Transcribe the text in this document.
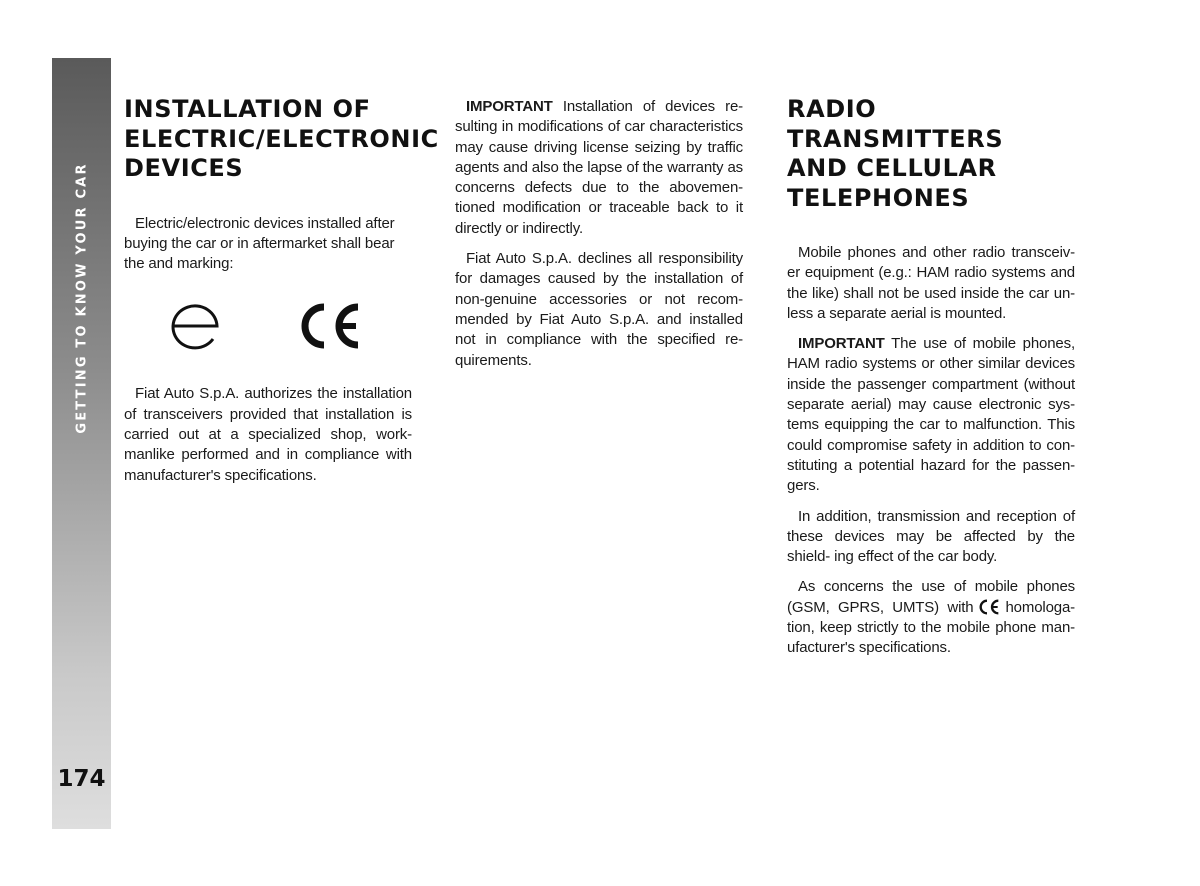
GETTING TO KNOW YOUR CAR
174
INSTALLATION OF
ELECTRIC/ELECTRONIC
DEVICES

Electric/electronic devices installed after buying the car or in aftermarket shall bear the and marking:

Fiat Auto S.p.A. authorizes the installation of transceivers provided that installation is carried out at a specialized shop, work- manlike performed and in compliance with manufacturer's specifications.

IMPORTANT Installation of devices re- sulting in modifications of car characteristics may cause driving license seizing by traffic agents and also the lapse of the warranty as concerns defects due to the abovemen- tioned modification or traceable back to it directly or indirectly.

Fiat Auto S.p.A. declines all responsibility for damages caused by the installation of non-genuine accessories or not recom- mended by Fiat Auto S.p.A. and installed not in compliance with the specified re- quirements.

RADIO
TRANSMITTERS
AND CELLULAR
TELEPHONES

Mobile phones and other radio transceiv- er equipment (e.g.: HAM radio systems and the like) shall not be used inside the car un- less a separate aerial is mounted.

IMPORTANT The use of mobile phones, HAM radio systems or other similar devices inside the passenger compartment (without separate aerial) may cause electronic sys- tems equipping the car to malfunction. This could compromise safety in addition to con- stituting a potential hazard for the passen- gers.

In addition, transmission and reception of these devices may be affected by the shield- ing effect of the car body.

As concerns the use of mobile phones (GSM, GPRS, UMTS) with homologa- tion, keep strictly to the mobile phone man- ufacturer's specifications.
